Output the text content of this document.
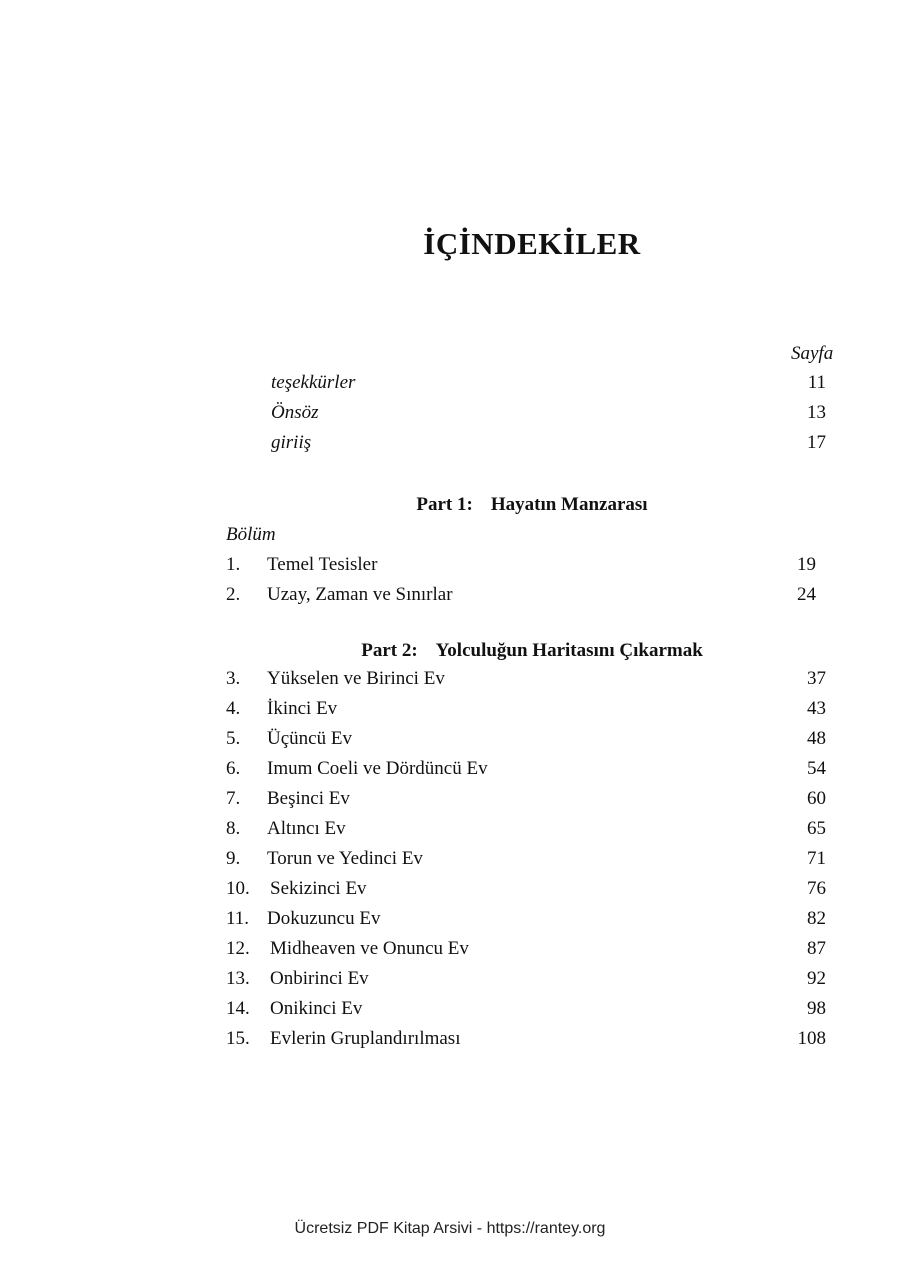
İÇİNDEKİLER
Sayfa
teşekkürler	11
Önsöz	13
giriiş	17
Part 1: Hayatın Manzarası
Bölüm
1. Temel Tesisler	19
2. Uzay, Zaman ve Sınırlar	24
Part 2: Yolculuğun Haritasını Çıkarmak
3. Yükselen ve Birinci Ev	37
4. İkinci Ev	43
5. Üçüncü Ev	48
6. Imum Coeli ve Dördüncü Ev	54
7. Beşinci Ev	60
8. Altıncı Ev	65
9. Torun ve Yedinci Ev	71
10. Sekizinci Ev	76
11. Dokuzuncu Ev	82
12. Midheaven ve Onuncu Ev	87
13. Onbirinci Ev	92
14. Onikinci Ev	98
15. Evlerin Gruplandırılması	108
Ücretsiz PDF Kitap Arsivi - https://rantey.org
